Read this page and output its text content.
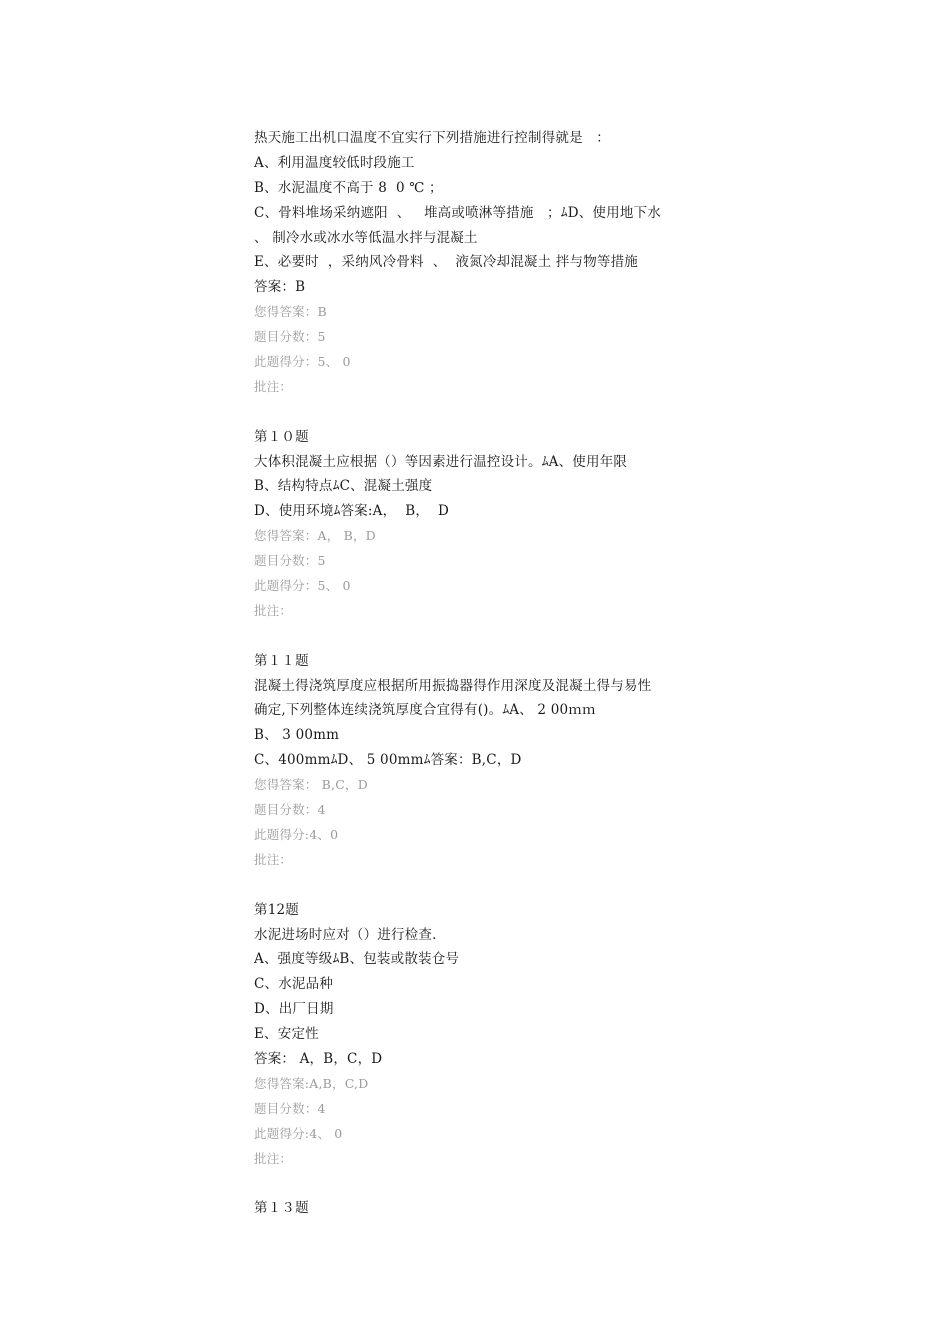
热天施工出机口温度不宜实行下列措施进行控制得就是   ：
A、利用温度较低时段施工
B、水泥温度不高于 8  0 ℃ ；
C、骨料堆场采纳遮阳  、   堆高或喷淋等措施   ；ﾑD、使用地下水
、 制冷水或冰水等低温水拌与混凝土
E、必要时  ，采纳风冷骨料  、  液氮冷却混凝土 拌与物等措施
答案：B
您得答案：B
题目分数：5
此题得分：5、 0
批注：
第１０题
大体积混凝土应根据（）等因素进行温控设计。ﾑA、使用年限
B、结构特点ﾑC、混凝土强度
D、使用环境ﾑ答案:A，  B，  D
您得答案：A， B，D
题目分数：5
此题得分：5、 0
批注：
第１１题
混凝土得浇筑厚度应根据所用振捣器得作用深度及混凝土得与易性
确定,下列整体连续浇筑厚度合宜得有()。ﾑA、 2 00ｍｍ
B、 3 00mm
C、400mmﾑD、 5 00mmﾑ答案：B,C，D
您得答案： B,C，D
题目分数：4
此题得分:4、0
批注：
第12题
水泥进场时应对（）进行检查.
A、强度等级ﾑB、包装或散装仓号
C、水泥品种
D、出厂日期
E、安定性
答案： A，B，C，D
您得答案:A,B，C,D
题目分数：4
此题得分:4、 0
批注：
第１３题
